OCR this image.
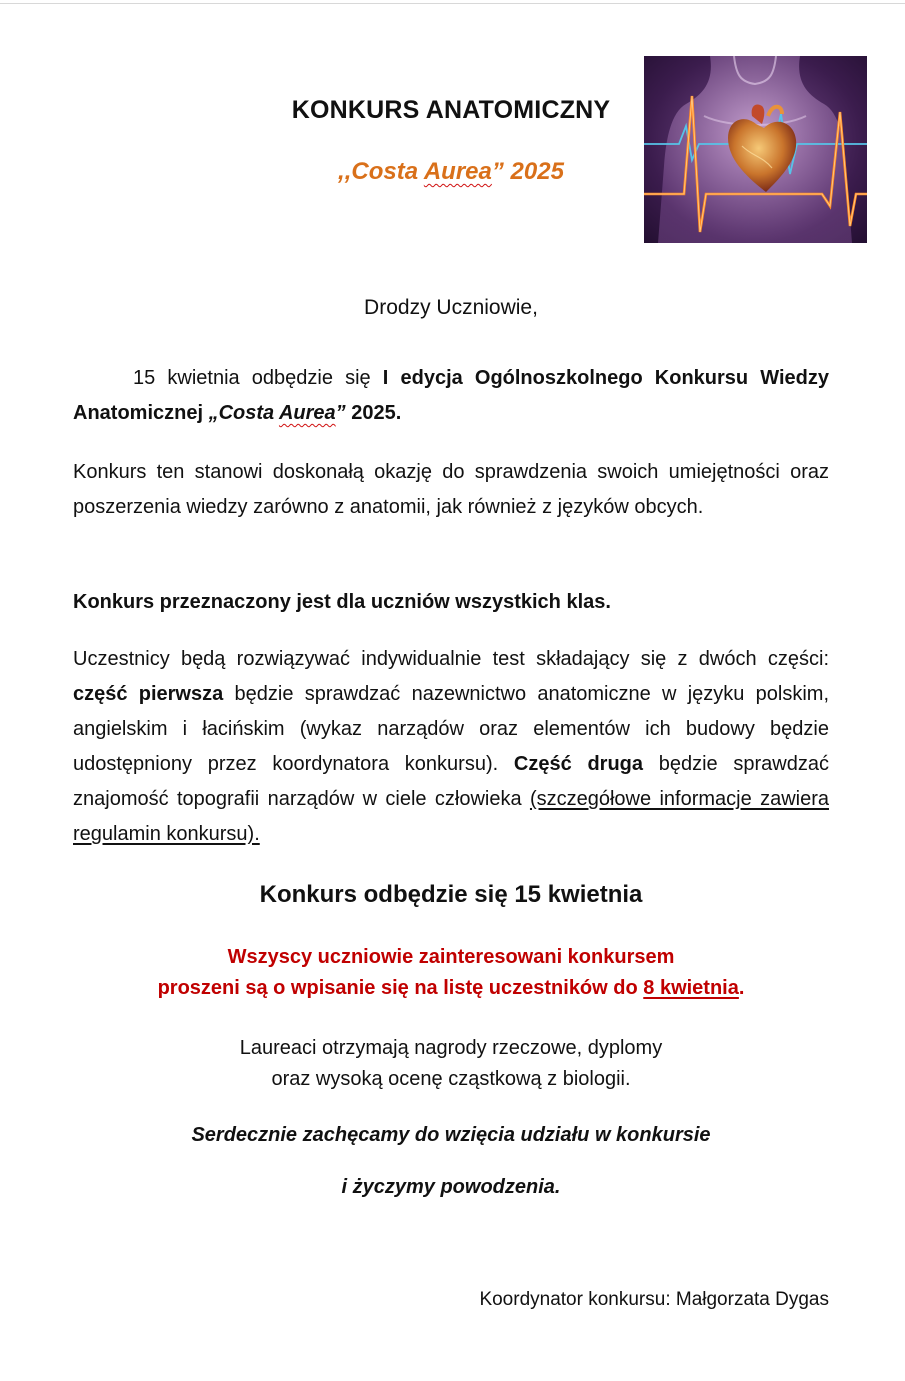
KONKURS ANATOMICZNY
,,Costa Aurea” 2025

Drodzy Uczniowie,

15 kwietnia odbędzie się I edycja Ogólnoszkolnego Konkursu Wiedzy Anatomicznej „Costa Aurea” 2025.

Konkurs ten stanowi doskonałą okazję do sprawdzenia swoich umiejętności oraz poszerzenia wiedzy zarówno z anatomii, jak również z języków obcych.

Konkurs przeznaczony jest dla uczniów wszystkich klas.

Uczestnicy będą rozwiązywać indywidualnie test składający się z dwóch części: część pierwsza będzie sprawdzać nazewnictwo anatomiczne w języku polskim, angielskim i łacińskim (wykaz narządów oraz elementów ich budowy będzie udostępniony przez koordynatora konkursu). Część druga będzie sprawdzać znajomość topografii narządów w ciele człowieka (szczegółowe informacje zawiera regulamin konkursu).

Konkurs odbędzie się 15 kwietnia

Wszyscy uczniowie zainteresowani konkursem
proszeni są o wpisanie się na listę uczestników do 8 kwietnia.

Laureaci otrzymają nagrody rzeczowe, dyplomy
oraz wysoką ocenę cząstkową z biologii.

Serdecznie zachęcamy do wzięcia udziału w konkursie

i życzymy powodzenia.

Koordynator konkursu: Małgorzata Dygas
